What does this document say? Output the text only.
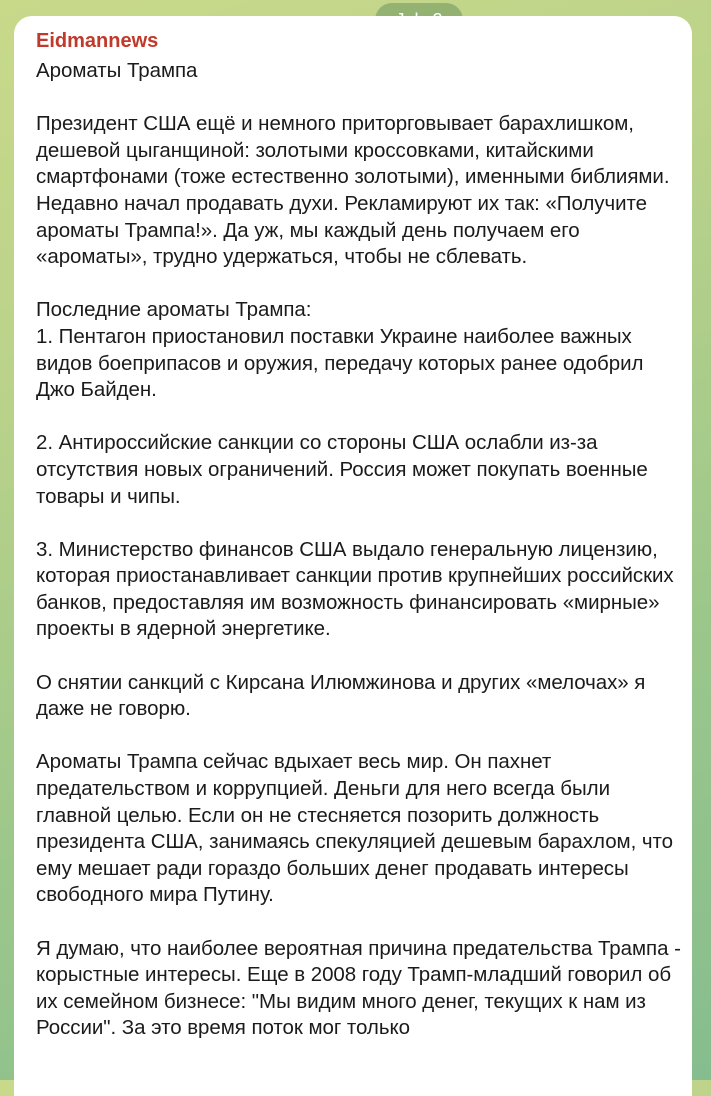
Eidmannews
Ароматы Трампа

Президент США ещё и немного приторговывает барахлишком, дешевой цыганщиной: золотыми кроссовками, китайскими смартфонами (тоже естественно золотыми), именными библиями. Недавно начал продавать духи. Рекламируют их так: «Получите ароматы Трампа!». Да уж, мы каждый день получаем его «ароматы», трудно удержаться, чтобы не сблевать.

Последние ароматы Трампа:
1. Пентагон приостановил поставки Украине наиболее важных видов боеприпасов и оружия, передачу которых ранее одобрил Джо Байден.

2. Антироссийские санкции со стороны США ослабли из-за отсутствия новых ограничений. Россия может покупать военные товары и чипы.

3. Министерство финансов США выдало генеральную лицензию, которая приостанавливает санкции против крупнейших российских банков, предоставляя им возможность финансировать «мирные» проекты в ядерной энергетике.

О снятии санкций с Кирсана Илюмжинова и других «мелочах» я даже не говорю.

Ароматы Трампа сейчас вдыхает весь мир. Он пахнет предательством и коррупцией. Деньги для него всегда были главной целью. Если он не стесняется позорить должность президента США, занимаясь спекуляцией дешевым барахлом, что ему мешает ради гораздо больших денег продавать интересы свободного мира Путину.

Я думаю, что наиболее вероятная причина предательства Трампа - корыстные интересы. Еще в 2008 году Трамп-младший говорил об их семейном бизнесе: "Мы видим много денег, текущих к нам из России". За это время поток мог только
